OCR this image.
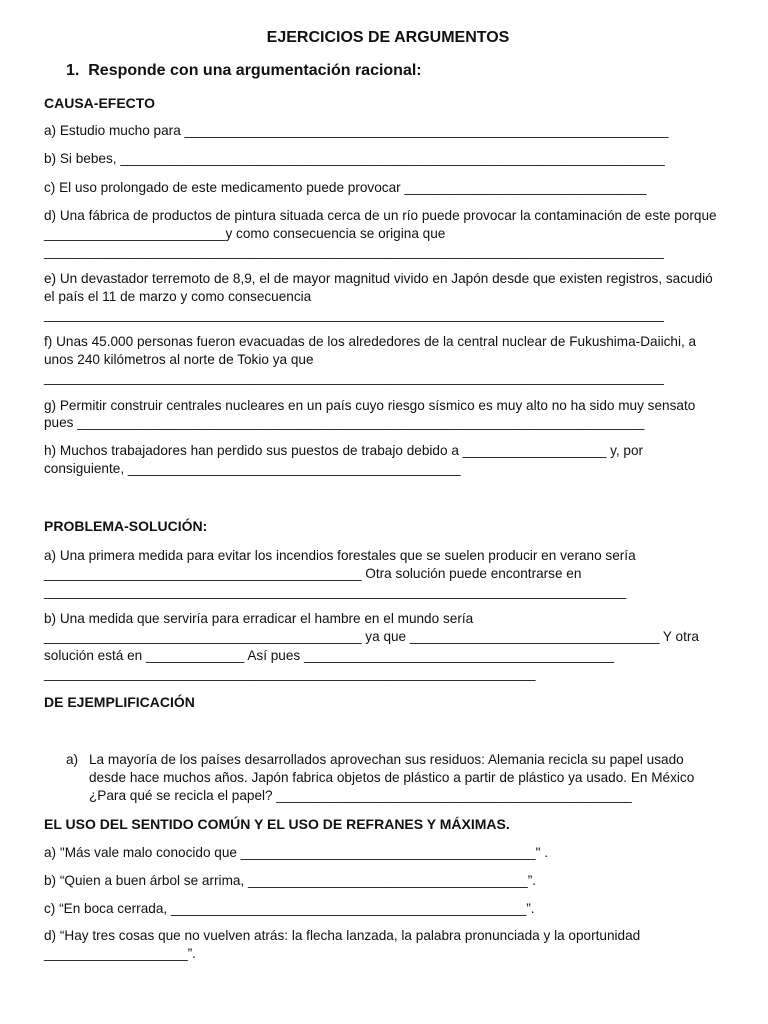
EJERCICIOS DE ARGUMENTOS
1. Responde con una argumentación racional:
CAUSA-EFECTO
a) Estudio mucho para ________________________________________________________________
b) Si bebes, ________________________________________________________________________
c) El uso prolongado de este medicamento puede provocar ________________________________
d) Una fábrica de productos de pintura situada cerca de un río puede provocar la contaminación de este porque
________________________y como consecuencia se origina que
__________________________________________________________________________________
e) Un devastador terremoto de 8,9, el de mayor magnitud vivido en Japón desde que existen registros, sacudió
el país el 11 de marzo y como consecuencia
__________________________________________________________________________________
f) Unas 45.000 personas fueron evacuadas de los alrededores de la central nuclear de Fukushima-Daiichi, a
unos 240 kilómetros al norte de Tokio ya que
__________________________________________________________________________________
g) Permitir construir centrales nucleares en un país cuyo riesgo sísmico es muy alto no ha sido muy sensato
pues ___________________________________________________________________________
h) Muchos trabajadores han perdido sus puestos de trabajo debido a ___________________ y, por
consiguiente, ____________________________________________
PROBLEMA-SOLUCIÓN:
a) Una primera medida para evitar los incendios forestales que se suelen producir en verano sería
__________________________________________ Otra solución puede encontrarse en
_____________________________________________________________________________
b) Una medida que serviría para erradicar el hambre en el mundo sería
__________________________________________ ya que _________________________________ Y otra
solución está en _____________ Así pues _________________________________________
_________________________________________________________________
DE EJEMPLIFICACIÓN
a) La mayoría de los países desarrollados aprovechan sus residuos: Alemania recicla su papel usado
desde hace muchos años. Japón fabrica objetos de plástico a partir de plástico ya usado. En México
¿Para qué se recicla el papel? _______________________________________________
EL USO DEL SENTIDO COMÚN Y EL USO DE REFRANES Y MÁXIMAS.
a) "Más vale malo conocido que _______________________________________" .
b) “Quien a buen árbol se arrima, _____________________________________”.
c) “En boca cerrada, _______________________________________________”.
d) “Hay tres cosas que no vuelven atrás: la flecha lanzada, la palabra pronunciada y la oportunidad
___________________”.
